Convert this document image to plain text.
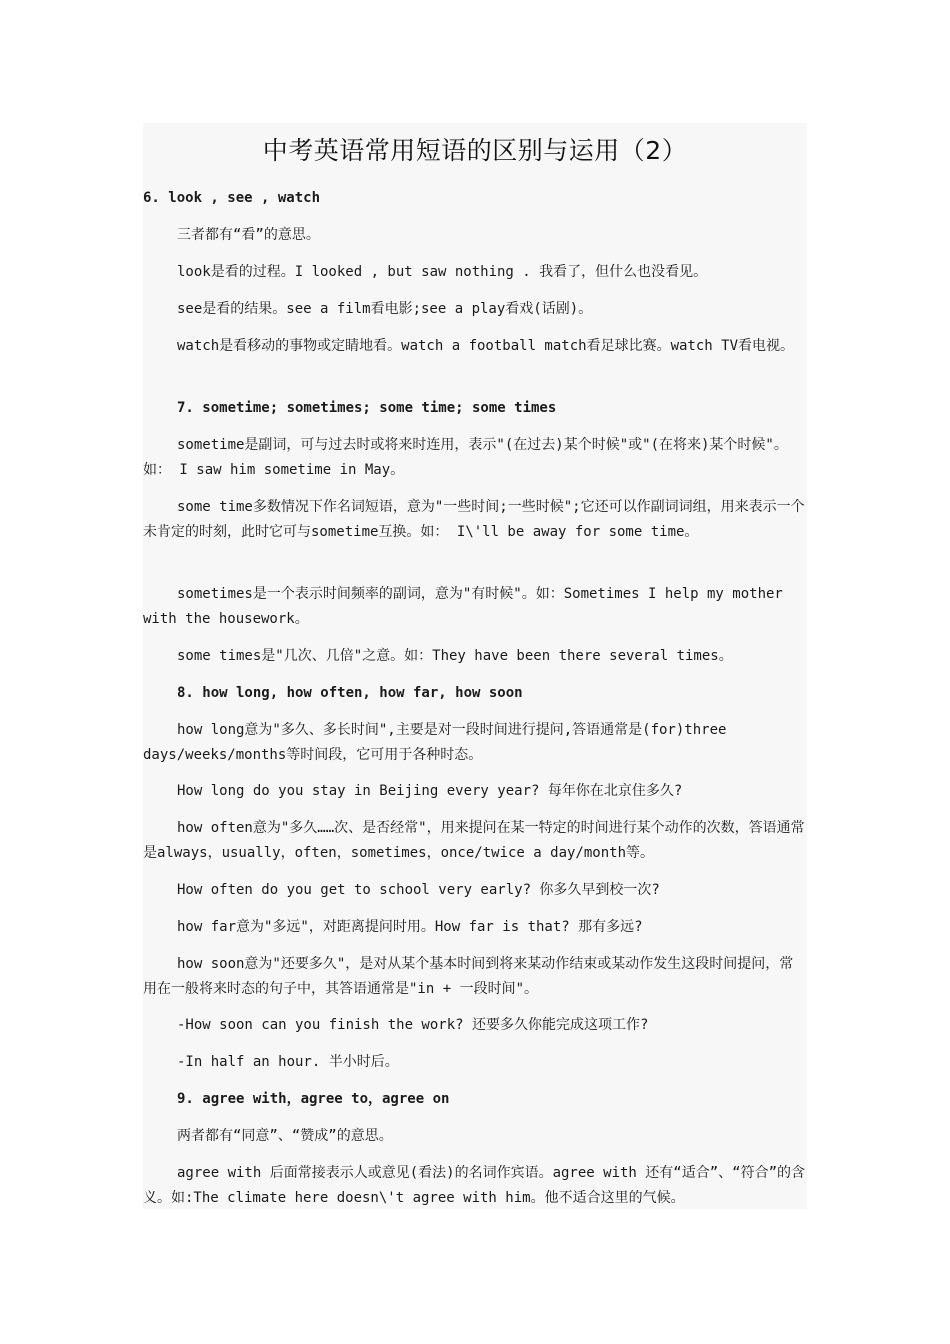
中考英语常用短语的区别与运用（2）

6. look , see , watch

三者都有“看”的意思。

look是看的过程。I looked , but saw nothing . 我看了，但什么也没看见。

see是看的结果。see a film看电影;see a play看戏(话剧)。

watch是看移动的事物或定睛地看。watch a football match看足球比赛。watch TV看电视。

7. sometime; sometimes; some time; some times

sometime是副词，可与过去时或将来时连用，表示"(在过去)某个时候"或"(在将来)某个时候"。如： I saw him sometime in May。

some time多数情况下作名词短语，意为"一些时间;一些时候";它还可以作副词词组，用来表示一个未肯定的时刻，此时它可与sometime互换。如： I\'ll be away for some time。

sometimes是一个表示时间频率的副词，意为"有时候"。如：Sometimes I help my mother with the housework。

some times是"几次、几倍"之意。如：They have been there several times。

8. how long, how often, how far, how soon

how long意为"多久、多长时间",主要是对一段时间进行提问,答语通常是(for)three days/weeks/months等时间段，它可用于各种时态。

How long do you stay in Beijing every year? 每年你在北京住多久?

how often意为"多久……次、是否经常"，用来提问在某一特定的时间进行某个动作的次数，答语通常是always，usually，often，sometimes，once/twice a day/month等。

How often do you get to school very early? 你多久早到校一次?

how far意为"多远"，对距离提问时用。How far is that? 那有多远?

how soon意为"还要多久"，是对从某个基本时间到将来某动作结束或某动作发生这段时间提问，常用在一般将来时态的句子中，其答语通常是"in + 一段时间"。

-How soon can you finish the work? 还要多久你能完成这项工作?

-In half an hour. 半小时后。

9. agree with，agree to，agree on

两者都有“同意”、“赞成”的意思。

agree with 后面常接表示人或意见(看法)的名词作宾语。agree with 还有“适合”、“符合”的含义。如:The climate here doesn\'t agree with him。他不适合这里的气候。
